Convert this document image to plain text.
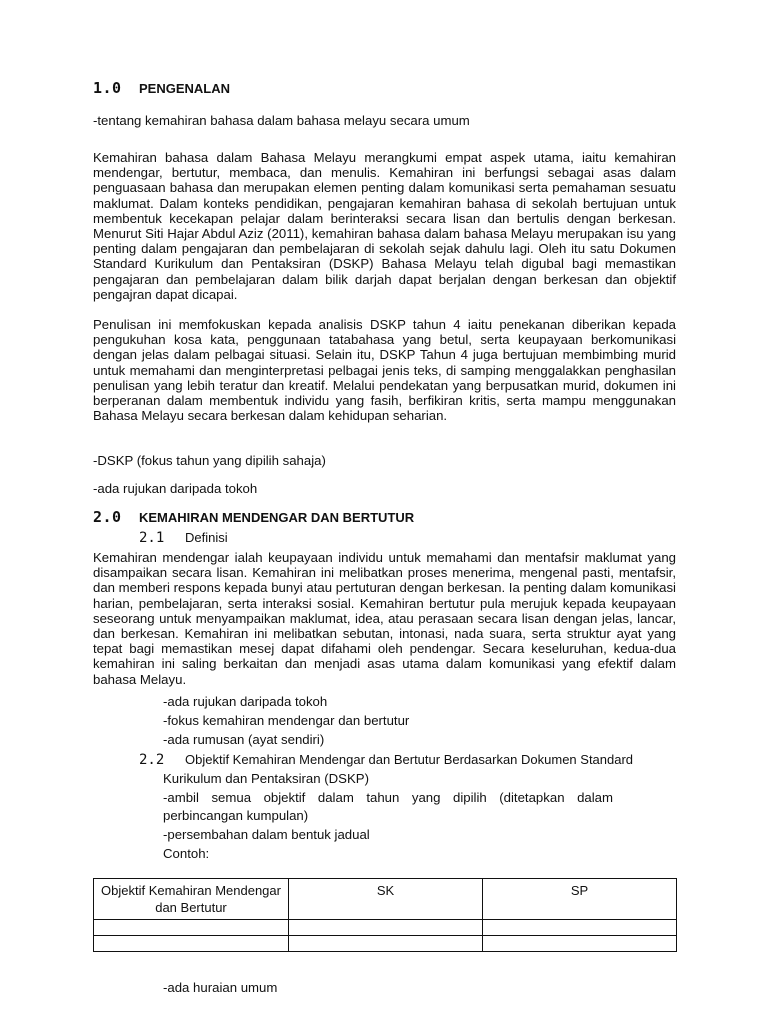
1.0	PENGENALAN
-tentang kemahiran bahasa dalam bahasa melayu secara umum
Kemahiran bahasa dalam Bahasa Melayu merangkumi empat aspek utama, iaitu kemahiran mendengar, bertutur, membaca, dan menulis. Kemahiran ini berfungsi sebagai asas dalam penguasaan bahasa dan merupakan elemen penting dalam komunikasi serta pemahaman sesuatu maklumat. Dalam konteks pendidikan, pengajaran kemahiran bahasa di sekolah bertujuan untuk membentuk kecekapan pelajar dalam berinteraksi secara lisan dan bertulis dengan berkesan. Menurut Siti Hajar Abdul Aziz (2011), kemahiran bahasa dalam bahasa Melayu merupakan isu yang penting dalam pengajaran dan pembelajaran di sekolah sejak dahulu lagi. Oleh itu satu Dokumen Standard Kurikulum dan Pentaksiran (DSKP) Bahasa Melayu telah digubal bagi memastikan pengajaran dan pembelajaran dalam bilik darjah dapat berjalan dengan berkesan dan objektif pengajran dapat dicapai.
Penulisan ini memfokuskan kepada analisis DSKP tahun 4 iaitu penekanan diberikan kepada pengukuhan kosa kata, penggunaan tatabahasa yang betul, serta keupayaan berkomunikasi dengan jelas dalam pelbagai situasi. Selain itu, DSKP Tahun 4 juga bertujuan membimbing murid untuk memahami dan menginterpretasi pelbagai jenis teks, di samping menggalakkan penghasilan penulisan yang lebih teratur dan kreatif. Melalui pendekatan yang berpusatkan murid, dokumen ini berperanan dalam membentuk individu yang fasih, berfikiran kritis, serta mampu menggunakan Bahasa Melayu secara berkesan dalam kehidupan seharian.
-DSKP (fokus tahun yang dipilih sahaja)
-ada rujukan daripada tokoh
2.0	KEMAHIRAN MENDENGAR DAN BERTUTUR
2.1	Definisi
Kemahiran mendengar ialah keupayaan individu untuk memahami dan mentafsir maklumat yang disampaikan secara lisan. Kemahiran ini melibatkan proses menerima, mengenal pasti, mentafsir, dan memberi respons kepada bunyi atau pertuturan dengan berkesan. Ia penting dalam komunikasi harian, pembelajaran, serta interaksi sosial. Kemahiran bertutur pula merujuk kepada keupayaan seseorang untuk menyampaikan maklumat, idea, atau perasaan secara lisan dengan jelas, lancar, dan berkesan. Kemahiran ini melibatkan sebutan, intonasi, nada suara, serta struktur ayat yang tepat bagi memastikan mesej dapat difahami oleh pendengar. Secara keseluruhan, kedua-dua kemahiran ini saling berkaitan dan menjadi asas utama dalam komunikasi yang efektif dalam bahasa Melayu.
-ada rujukan daripada tokoh
-fokus kemahiran mendengar dan bertutur
-ada rumusan (ayat sendiri)
2.2	Objektif Kemahiran Mendengar dan Bertutur Berdasarkan Dokumen Standard
Kurikulum dan Pentaksiran (DSKP)
-ambil semua objektif dalam tahun yang dipilih (ditetapkan dalam
perbincangan kumpulan)
-persembahan dalam bentuk jadual
Contoh:
Objektif Kemahiran Mendengar dan Bertutur	SK	SP

-ada huraian umum
